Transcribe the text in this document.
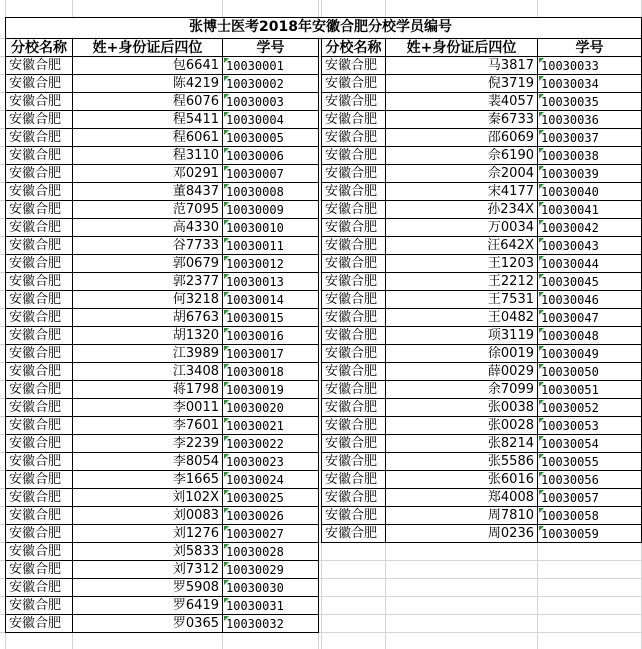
张博士医考2018年安徽合肥分校学员编号
分校名称	姓+身份证后四位	学号	分校名称	姓+身份证后四位	学号
安徽合肥	包6641 10030001
安徽合肥	陈4219 10030002
安徽合肥	程6076 10030003
安徽合肥	程5411 10030004
安徽合肥	程6061 10030005
安徽合肥	程3110 10030006
安徽合肥	邓0291 10030007
安徽合肥	董8437 10030008
安徽合肥	范7095 10030009
安徽合肥	高4330 10030010
安徽合肥	谷7733 10030011
安徽合肥	郭0679 10030012
安徽合肥	郭2377 10030013
安徽合肥	何3218 10030014
安徽合肥	胡6763 10030015
安徽合肥	胡1320 10030016
安徽合肥	江3989 10030017
安徽合肥	江3408 10030018
安徽合肥	蒋1798 10030019
安徽合肥	李0011 10030020
安徽合肥	李7601 10030021
安徽合肥	李2239 10030022
安徽合肥	李8054 10030023
安徽合肥	李1665 10030024
安徽合肥	刘102X 10030025
安徽合肥	刘0083 10030026
安徽合肥	刘1276 10030027
安徽合肥	刘5833 10030028
安徽合肥	刘7312 10030029
安徽合肥	罗5908 10030030
安徽合肥	罗6419 10030031
安徽合肥	罗0365 10030032
安徽合肥	马3817 10030033
安徽合肥	倪3719 10030034
安徽合肥	裴4057 10030035
安徽合肥	秦6733 10030036
安徽合肥	邵6069 10030037
安徽合肥	佘6190 10030038
安徽合肥	佘2004 10030039
安徽合肥	宋4177 10030040
安徽合肥	孙234X 10030041
安徽合肥	万0034 10030042
安徽合肥	汪642X 10030043
安徽合肥	王1203 10030044
安徽合肥	王2212 10030045
安徽合肥	王7531 10030046
安徽合肥	王0482 10030047
安徽合肥	项3119 10030048
安徽合肥	徐0019 10030049
安徽合肥	薛0029 10030050
安徽合肥	余7099 10030051
安徽合肥	张0038 10030052
安徽合肥	张0028 10030053
安徽合肥	张8214 10030054
安徽合肥	张5586 10030055
安徽合肥	张6016 10030056
安徽合肥	郑4008 10030057
安徽合肥	周7810 10030058
安徽合肥	周0236 10030059
